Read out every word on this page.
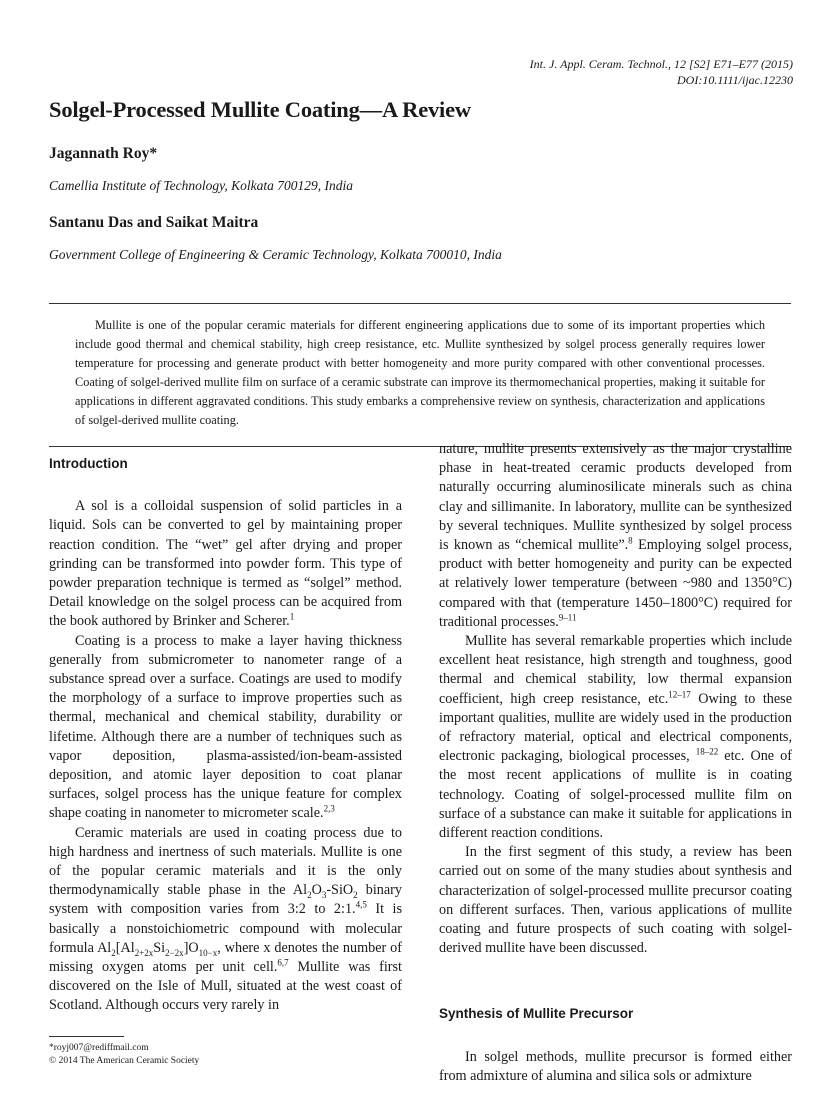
Int. J. Appl. Ceram. Technol., 12 [S2] E71–E77 (2015)
DOI:10.1111/ijac.12230
Solgel-Processed Mullite Coating—A Review
Jagannath Roy*
Camellia Institute of Technology, Kolkata 700129, India
Santanu Das and Saikat Maitra
Government College of Engineering & Ceramic Technology, Kolkata 700010, India
Mullite is one of the popular ceramic materials for different engineering applications due to some of its important properties which include good thermal and chemical stability, high creep resistance, etc. Mullite synthesized by solgel process generally requires lower temperature for processing and generate product with better homogeneity and more purity compared with other conventional processes. Coating of solgel-derived mullite film on surface of a ceramic substrate can improve its thermomechanical properties, making it suitable for applications in different aggravated conditions. This study embarks a comprehensive review on synthesis, characterization and applications of solgel-derived mullite coating.
Introduction

A sol is a colloidal suspension of solid particles in a liquid. Sols can be converted to gel by maintaining proper reaction condition. The “wet” gel after drying and proper grinding can be transformed into powder form. This type of powder preparation technique is termed as “solgel” method. Detail knowledge on the solgel process can be acquired from the book authored by Brinker and Scherer.$^1$

Coating is a process to make a layer having thickness generally from submicrometer to nanometer range of a substance spread over a surface. Coatings are used to modify the morphology of a surface to improve properties such as thermal, mechanical and chemical stability, durability or lifetime. Although there are a number of techniques such as vapor deposition, plasma-assisted/ion-beam-assisted deposition, and atomic layer deposition to coat planar surfaces, solgel process has the unique feature for complex shape coating in nanometer to micrometer scale.$^{2,3}$

Ceramic materials are used in coating process due to high hardness and inertness of such materials. Mullite is one of the popular ceramic materials and it is the only thermodynamically stable phase in the $Al_2O_3-SiO_2$ binary system with composition varies from 3:2 to 2:1.$^{4,5}$ It is basically a nonstoichiometric compound with molecular formula $Al_2[Al_{2+2x}Si_{2-2x}]O_{10-x}$, where x denotes the number of missing oxygen atoms per unit cell.$^{6,7}$ Mullite was first discovered on the Isle of Mull, situated at the west coast of Scotland. Although occurs very rarely in

nature, mullite presents extensively as the major crystalline phase in heat-treated ceramic products developed from naturally occurring aluminosilicate minerals such as china clay and sillimanite. In laboratory, mullite can be synthesized by several techniques. Mullite synthesized by solgel process is known as “chemical mullite”.$^8$ Employing solgel process, product with better homogeneity and purity can be expected at relatively lower temperature (between ~980 and 1350°C) compared with that (temperature 1450–1800°C) required for traditional processes.$^{9-11}$

Mullite has several remarkable properties which include excellent heat resistance, high strength and toughness, good thermal and chemical stability, low thermal expansion coefficient, high creep resistance, etc.$^{12-17}$ Owing to these important qualities, mullite are widely used in the production of refractory material, optical and electrical components, electronic packaging, biological processes, $^{18-22}$ etc. One of the most recent applications of mullite is in coating technology. Coating of solgel-processed mullite film on surface of a substance can make it suitable for applications in different reaction conditions.

In the first segment of this study, a review has been carried out on some of the many studies about synthesis and characterization of solgel-processed mullite precursor coating on different surfaces. Then, various applications of mullite coating and future prospects of such coating with solgel-derived mullite have been discussed.

Synthesis of Mullite Precursor

In solgel methods, mullite precursor is formed either from admixture of alumina and silica sols or admixture

*royj007@rediffmail.com
© 2014 The American Ceramic Society
